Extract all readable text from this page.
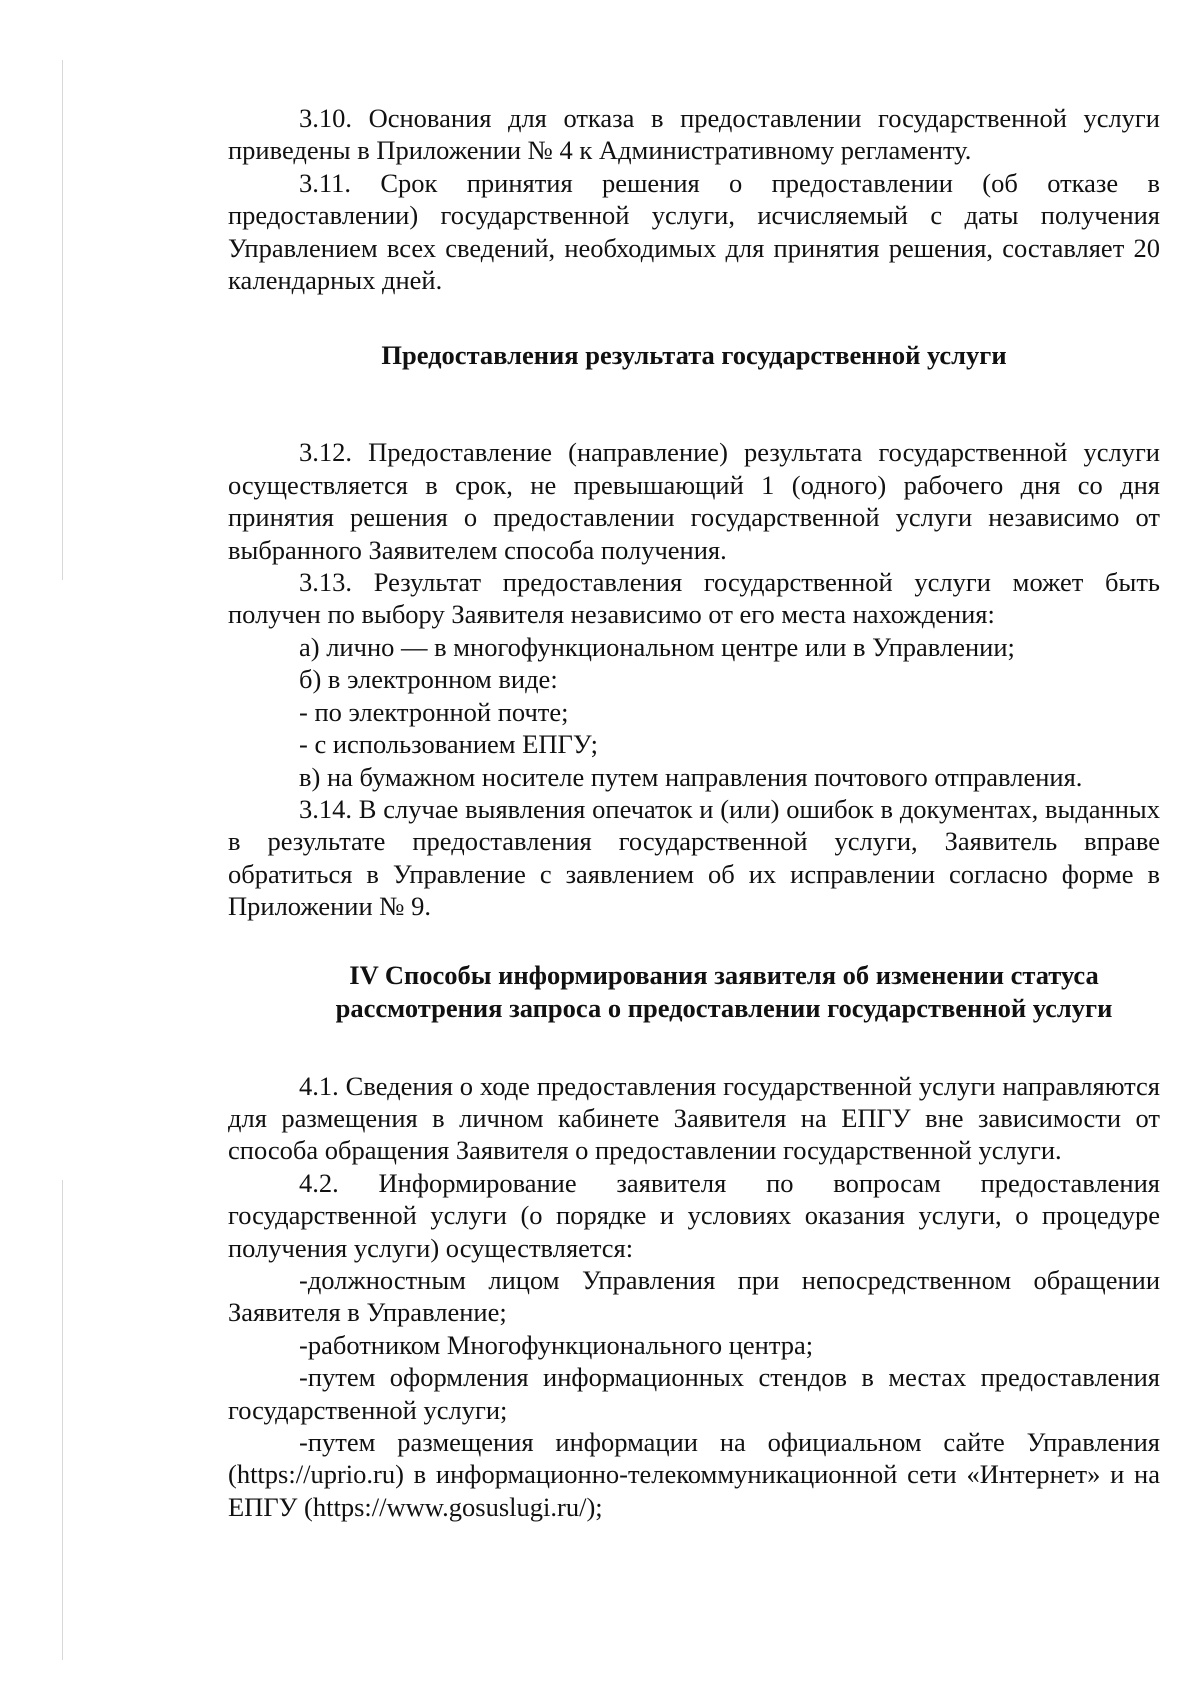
3.10. Основания для отказа в предоставлении государственной услуги приведены в Приложении № 4 к Административному регламенту.

3.11. Срок принятия решения о предоставлении (об отказе в предоставлении) государственной услуги, исчисляемый с даты получения Управлением всех сведений, необходимых для принятия решения, составляет 20 календарных дней.

Предоставления результата государственной услуги

3.12. Предоставление (направление) результата государственной услуги осуществляется в срок, не превышающий 1 (одного) рабочего дня со дня принятия решения о предоставлении государственной услуги независимо от выбранного Заявителем способа получения.

3.13. Результат предоставления государственной услуги может быть получен по выбору Заявителя независимо от его места нахождения:

а) лично — в многофункциональном центре или в Управлении;

б) в электронном виде:

- по электронной почте;

- с использованием ЕПГУ;

в) на бумажном носителе путем направления почтового отправления.

3.14. В случае выявления опечаток и (или) ошибок в документах, выданных в результате предоставления государственной услуги, Заявитель вправе обратиться в Управление с заявлением об их исправлении согласно форме в Приложении № 9.

IV Способы информирования заявителя об изменении статуса
рассмотрения запроса о предоставлении государственной услуги

4.1. Сведения о ходе предоставления государственной услуги направляются для размещения в личном кабинете Заявителя на ЕПГУ вне зависимости от способа обращения Заявителя о предоставлении государственной услуги.

4.2. Информирование заявителя по вопросам предоставления государственной услуги (о порядке и условиях оказания услуги, о процедуре получения услуги) осуществляется:

-должностным лицом Управления при непосредственном обращении Заявителя в Управление;

-работником Многофункционального центра;

-путем оформления информационных стендов в местах предоставления государственной услуги;

-путем размещения информации на официальном сайте Управления (https://uprio.ru) в информационно-телекоммуникационной сети «Интернет» и на ЕПГУ (https://www.gosuslugi.ru/);
